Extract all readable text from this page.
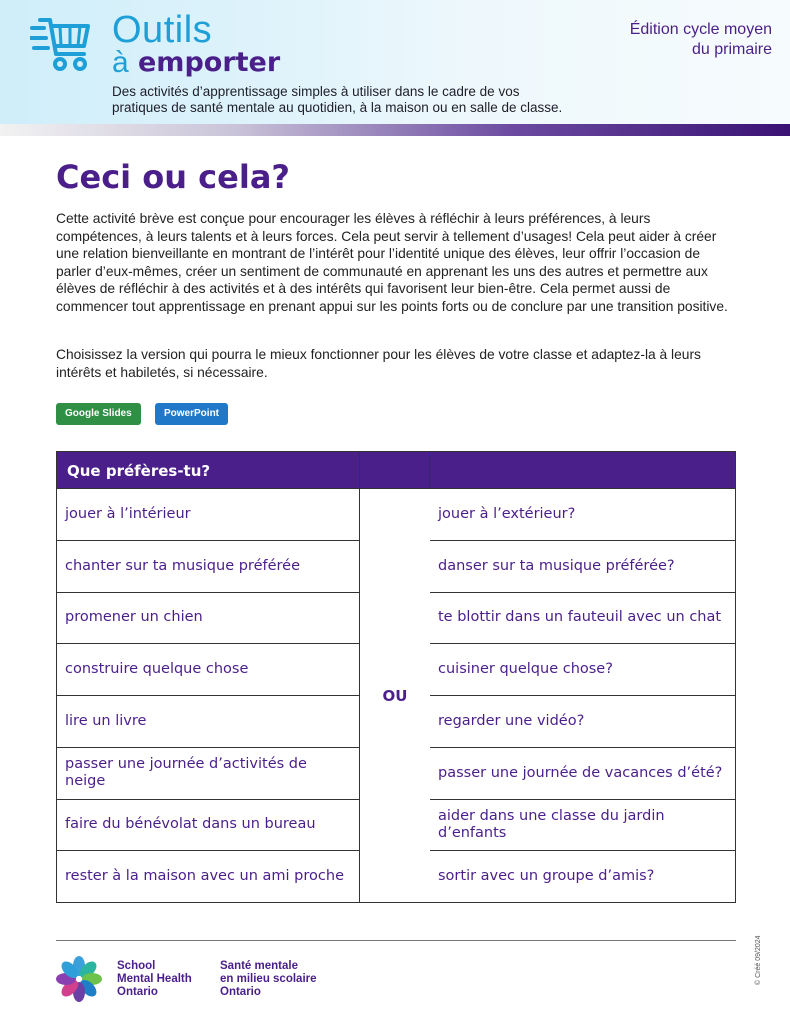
Outils
à emporter
Des activités d’apprentissage simples à utiliser dans le cadre de vos
pratiques de santé mentale au quotidien, à la maison ou en salle de classe.
Édition cycle moyen
du primaire
Ceci ou cela?

Cette activité brève est conçue pour encourager les élèves à réfléchir à leurs préférences, à leurs compétences, à leurs talents et à leurs forces. Cela peut servir à tellement d’usages! Cela peut aider à créer une relation bienveillante en montrant de l’intérêt pour l’identité unique des élèves, leur offrir l’occasion de parler d’eux-mêmes, créer un sentiment de communauté en apprenant les uns des autres et permettre aux élèves de réfléchir à des activités et à des intérêts qui favorisent leur bien-être. Cela permet aussi de commencer tout apprentissage en prenant appui sur les points forts ou de conclure par une transition positive.

Choisissez la version qui pourra le mieux fonctionner pour les élèves de votre classe et adaptez-la à leurs intérêts et habiletés, si nécessaire.

Google Slides	PowerPoint
Que préfères-tu?
jouer à l’intérieur
chanter sur ta musique préférée
promener un chien
construire quelque chose
lire un livre
passer une journée d’activités de neige
faire du bénévolat dans un bureau
rester à la maison avec un ami proche
OU
jouer à l’extérieur?
danser sur ta musique préférée?
te blottir dans un fauteuil avec un chat
cuisiner quelque chose?
regarder une vidéo?
passer une journée de vacances d’été?
aider dans une classe du jardin d’enfants
sortir avec un groupe d’amis?
School
Mental Health
Ontario
Santé mentale
en milieu scolaire
Ontario
© Créé 09/2024
